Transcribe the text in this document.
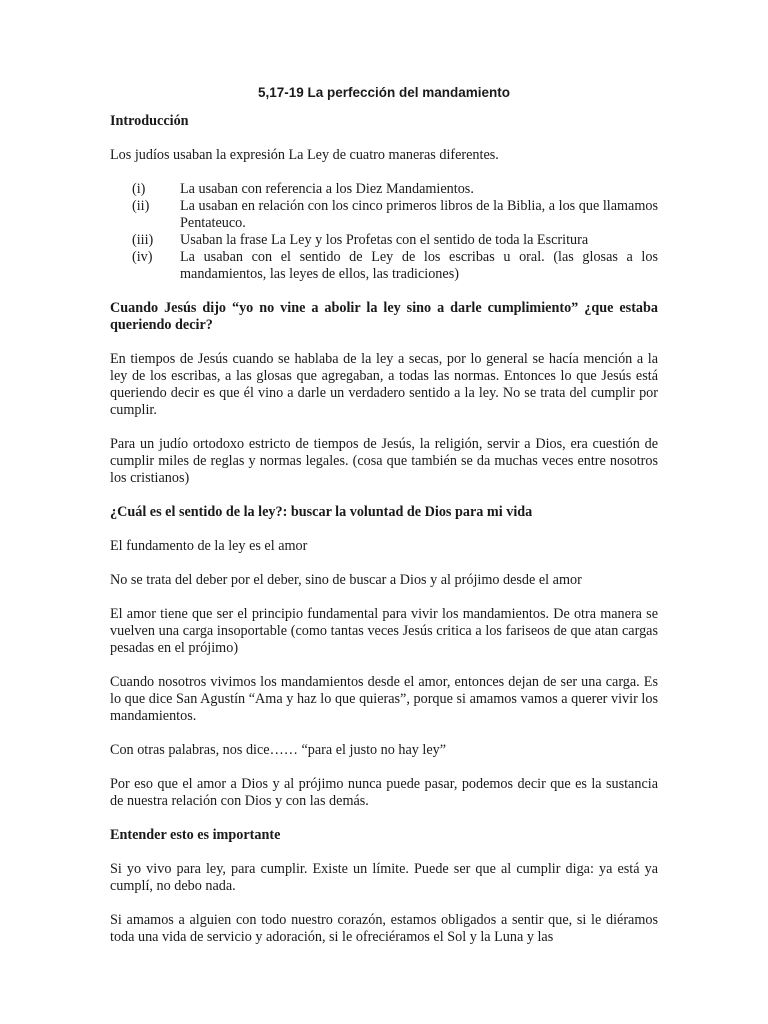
5,17-19 La perfección del mandamiento
Introducción

Los judíos usaban la expresión La Ley de cuatro maneras diferentes.

(i)	La usaban con referencia a los Diez Mandamientos.
(ii)	La usaban en relación con los cinco primeros libros de la Biblia, a los que llamamos Pentateuco.
(iii)	Usaban la frase La Ley y los Profetas con el sentido de toda la Escritura
(iv)	La usaban con el sentido de Ley de los escribas u oral. (las glosas a los mandamientos, las leyes de ellos, las tradiciones)
Cuando Jesús dijo “yo no vine a abolir la ley sino a darle cumplimiento” ¿que estaba queriendo decir?

En tiempos de Jesús cuando se hablaba de la ley a secas, por lo general se hacía mención a la ley de los escribas, a las glosas que agregaban, a todas las normas. Entonces lo que Jesús está queriendo decir es que él vino a darle un verdadero sentido a la ley. No se trata del cumplir por cumplir.

Para un judío ortodoxo estricto de tiempos de Jesús, la religión, servir a Dios, era cuestión de cumplir miles de reglas y normas legales. (cosa que también se da muchas veces entre nosotros los cristianos)

¿Cuál es el sentido de la ley?: buscar la voluntad de Dios para mi vida

El fundamento de la ley es el amor

No se trata del deber por el deber, sino de buscar a Dios y al prójimo desde el amor

El amor tiene que ser el principio fundamental para vivir los mandamientos. De otra manera se vuelven una carga insoportable (como tantas veces Jesús critica a los fariseos de que atan cargas pesadas en el prójimo)

Cuando nosotros vivimos los mandamientos desde el amor, entonces dejan de ser una carga. Es lo que dice San Agustín “Ama y haz lo que quieras”, porque si amamos vamos a querer vivir los mandamientos.

Con otras palabras, nos dice…… “para el justo no hay ley”

Por eso que el amor a Dios y al prójimo nunca puede pasar, podemos decir que es la sustancia de nuestra relación con Dios y con las demás.

Entender esto es importante

Si yo vivo para ley, para cumplir. Existe un límite. Puede ser que al cumplir diga: ya está ya cumplí, no debo nada.

Si amamos a alguien con todo nuestro corazón, estamos obligados a sentir que, si le diéramos toda una vida de servicio y adoración, si le ofreciéramos el Sol y la Luna y las
